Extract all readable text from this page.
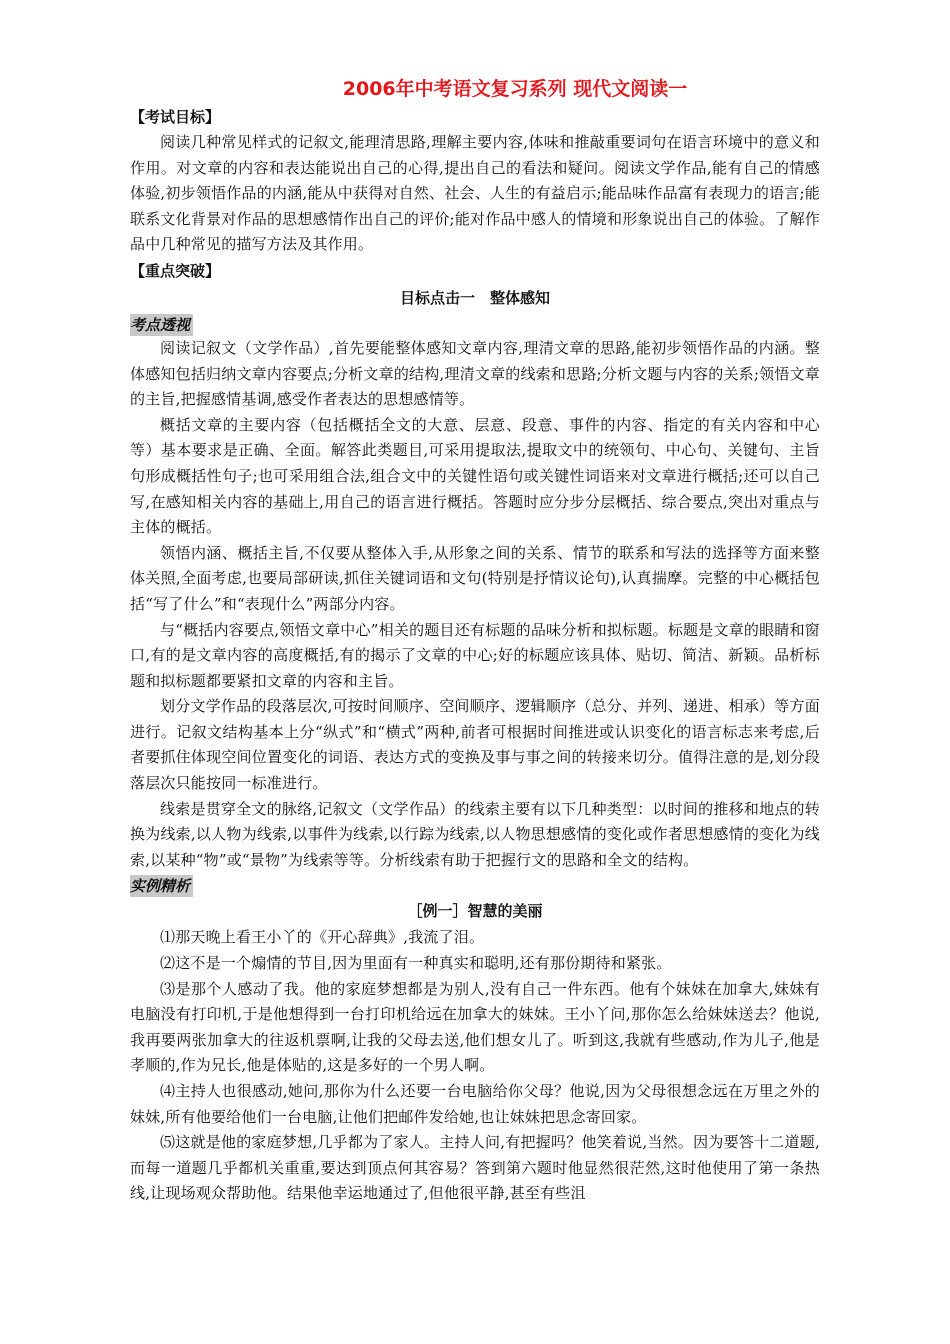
2006年中考语文复习系列 现代文阅读一
【考试目标】

阅读几种常见样式的记叙文,能理清思路,理解主要内容,体味和推敲重要词句在语言环境中的意义和作用。对文章的内容和表达能说出自己的心得,提出自己的看法和疑问。阅读文学作品,能有自己的情感体验,初步领悟作品的内涵,能从中获得对自然、社会、人生的有益启示;能品味作品富有表现力的语言;能联系文化背景对作品的思想感情作出自己的评价;能对作品中感人的情境和形象说出自己的体验。了解作品中几种常见的描写方法及其作用。

【重点突破】
目标点击一　整体感知
考点透视

阅读记叙文（文学作品）,首先要能整体感知文章内容,理清文章的思路,能初步领悟作品的内涵。整体感知包括归纳文章内容要点;分析文章的结构,理清文章的线索和思路;分析文题与内容的关系;领悟文章的主旨,把握感情基调,感受作者表达的思想感情等。

概括文章的主要内容（包括概括全文的大意、层意、段意、事件的内容、指定的有关内容和中心等）基本要求是正确、全面。解答此类题目,可采用提取法,提取文中的统领句、中心句、关键句、主旨句形成概括性句子;也可采用组合法,组合文中的关键性语句或关键性词语来对文章进行概括;还可以自己写,在感知相关内容的基础上,用自己的语言进行概括。答题时应分步分层概括、综合要点,突出对重点与主体的概括。

领悟内涵、概括主旨,不仅要从整体入手,从形象之间的关系、情节的联系和写法的选择等方面来整体关照,全面考虑,也要局部研读,抓住关键词语和文句(特别是抒情议论句),认真揣摩。完整的中心概括包括“写了什么”和“表现什么”两部分内容。

与“概括内容要点,领悟文章中心”相关的题目还有标题的品味分析和拟标题。标题是文章的眼睛和窗口,有的是文章内容的高度概括,有的揭示了文章的中心;好的标题应该具体、贴切、简洁、新颖。品析标题和拟标题都要紧扣文章的内容和主旨。

划分文学作品的段落层次,可按时间顺序、空间顺序、逻辑顺序（总分、并列、递进、相承）等方面进行。记叙文结构基本上分“纵式”和“横式”两种,前者可根据时间推进或认识变化的语言标志来考虑,后者要抓住体现空间位置变化的词语、表达方式的变换及事与事之间的转接来切分。值得注意的是,划分段落层次只能按同一标准进行。

线索是贯穿全文的脉络,记叙文（文学作品）的线索主要有以下几种类型：以时间的推移和地点的转换为线索,以人物为线索,以事件为线索,以行踪为线索,以人物思想感情的变化或作者思想感情的变化为线索,以某种“物”或“景物”为线索等等。分析线索有助于把握行文的思路和全文的结构。

实例精析
［例一］智慧的美丽

⑴那天晚上看王小丫的《开心辞典》,我流了泪。

⑵这不是一个煽情的节目,因为里面有一种真实和聪明,还有那份期待和紧张。

⑶是那个人感动了我。他的家庭梦想都是为别人,没有自己一件东西。他有个妹妹在加拿大,妹妹有电脑没有打印机,于是他想得到一台打印机给远在加拿大的妹妹。王小丫问,那你怎么给妹妹送去？他说,我再要两张加拿大的往返机票啊,让我的父母去送,他们想女儿了。听到这,我就有些感动,作为儿子,他是孝顺的,作为兄长,他是体贴的,这是多好的一个男人啊。

⑷主持人也很感动,她问,那你为什么还要一台电脑给你父母？他说,因为父母很想念远在万里之外的妹妹,所有他要给他们一台电脑,让他们把邮件发给她,也让妹妹把思念寄回家。

⑸这就是他的家庭梦想,几乎都为了家人。主持人问,有把握吗？他笑着说,当然。因为要答十二道题,而每一道题几乎都机关重重,要达到顶点何其容易？答到第六题时他显然很茫然,这时他使用了第一条热线,让现场观众帮助他。结果他幸运地通过了,但他很平静,甚至有些沮
